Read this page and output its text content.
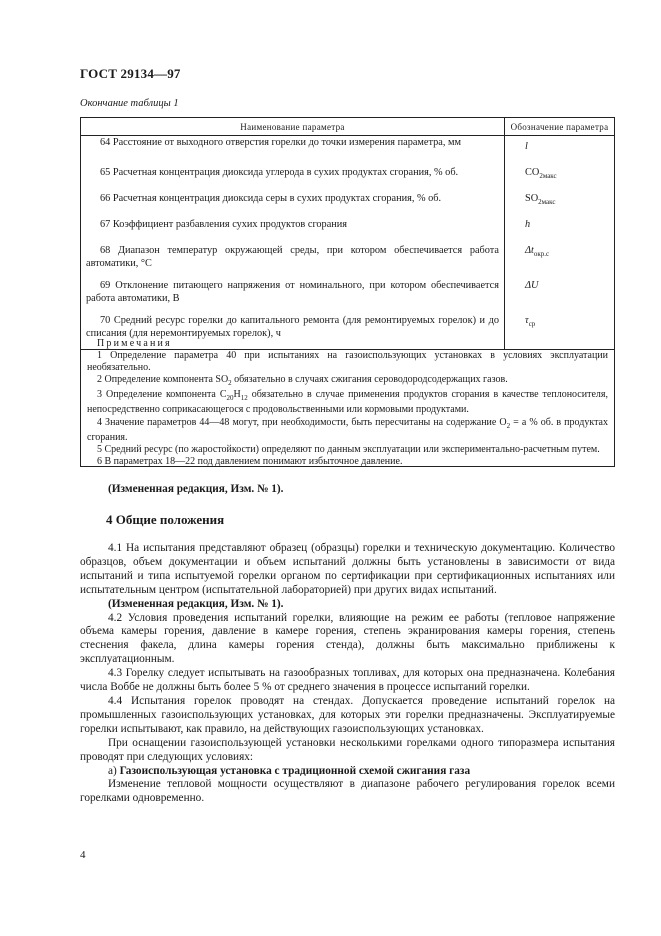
ГОСТ 29134—97
Окончание таблицы 1
Наименование параметра	Обозначение параметра
64 Расстояние от выходного отверстия горелки до точки измерения параметра, мм	l
65 Расчетная концентрация диоксида углерода в сухих продуктах сгорания, % об.	$CO_{2макс}$
66 Расчетная концентрация диоксида серы в сухих продуктах сгорания, % об.	$SO_{2макс}$
67 Коэффициент разбавления сухих продуктов сгорания	h
68 Диапазон температур окружающей среды, при котором обеспечивается работа автоматики, °С	$\Delta t_{окр.с}$
69 Отклонение питающего напряжения от номинального, при котором обеспечивается работа автоматики, В	ΔU
70 Средний ресурс горелки до капитального ремонта (для ремонтируемых горелок) и до списания (для неремонтируемых горелок), ч	$\tau_{ср}$
Примечания
1 Определение параметра 40 при испытаниях на газоиспользующих установках в условиях эксплуатации необязательно.
2 Определение компонента $SO_2$ обязательно в случаях сжигания сероводородсодержащих газов.
3 Определение компонента $C_{20}H_{12}$ обязательно в случае применения продуктов сгорания в качестве теплоносителя, непосредственно соприкасающегося с продовольственными или кормовыми продуктами.
4 Значение параметров 44—48 могут, при необходимости, быть пересчитаны на содержание $O_2 = a$ % об. в продуктах сгорания.
5 Средний ресурс (по жаростойкости) определяют по данным эксплуатации или экспериментально-расчетным путем.
6 В параметрах 18—22 под давлением понимают избыточное давление.
(Измененная редакция, Изм. № 1).
4 Общие положения
4.1 На испытания представляют образец (образцы) горелки и техническую документацию. Количество образцов, объем документации и объем испытаний должны быть установлены в зависимости от вида испытаний и типа испытуемой горелки органом по сертификации при сертификационных испытаниях или испытательным центром (испытательной лабораторией) при других видах испытаний.
(Измененная редакция, Изм. № 1).
4.2 Условия проведения испытаний горелки, влияющие на режим ее работы (тепловое напряжение объема камеры горения, давление в камере горения, степень экранирования камеры горения, степень стеснения факела, длина камеры горения стенда), должны быть максимально приближены к эксплуатационным.
4.3 Горелку следует испытывать на газообразных топливах, для которых она предназначена. Колебания числа Воббе не должны быть более 5 % от среднего значения в процессе испытаний горелки.
4.4 Испытания горелок проводят на стендах. Допускается проведение испытаний горелок на промышленных газоиспользующих установках, для которых эти горелки предназначены. Эксплуатируемые горелки испытывают, как правило, на действующих газоиспользующих установках.
При оснащении газоиспользующей установки несколькими горелками одного типоразмера испытания проводят при следующих условиях:
а) Газоиспользующая установка с традиционной схемой сжигания газа
Изменение тепловой мощности осуществляют в диапазоне рабочего регулирования горелок всеми горелками одновременно.
4
